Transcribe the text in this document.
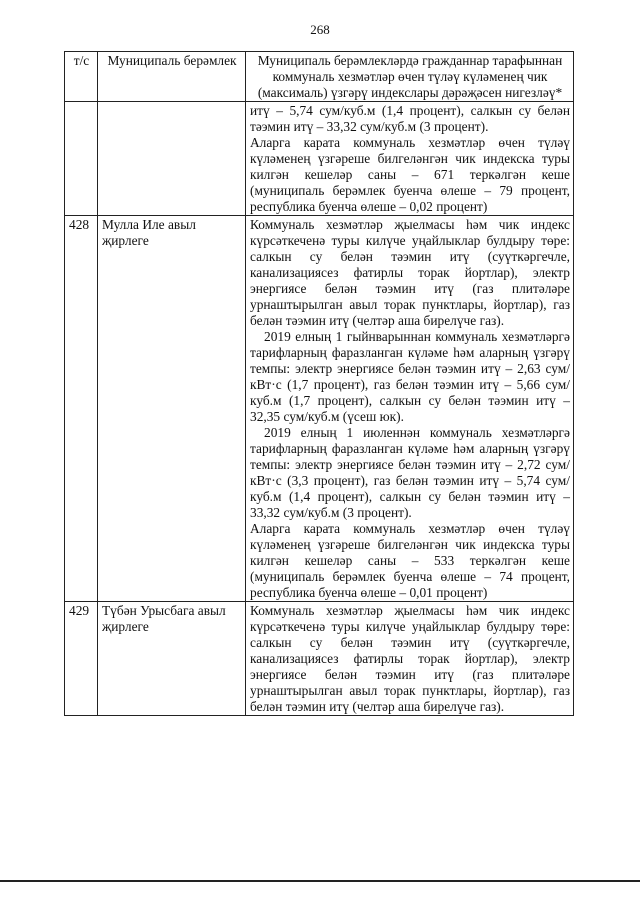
268
т/с	Муниципаль берәмлек	Муниципаль берәмлекләрдә гражданнар тарафыннан коммуналь хезмәтләр өчен түләү күләменең чик (максималь) үзгәрү индекслары дәрәҗәсен нигезләү*

		итү – 5,74 сум/куб.м (1,4 процент), салкын су белән тәэмин итү – 33,32 сум/куб.м (3 процент).

Аларга карата коммуналь хезмәтләр өчен түләү күләменең үзгәреше билгеләнгән чик индекска туры килгән кешеләр саны – 671 теркәлгән кеше (муниципаль берәмлек буенча өлеше – 79 процент, республика буенча өлеше – 0,02 процент)

428	Мулла Иле авыл җирлеге	Коммуналь хезмәтләр җыелмасы һәм чик индекс күрсәткеченә туры килүче уңайлыклар булдыру төре: салкын су белән тәэмин итү (суүткәргечле, канализациясез фатирлы торак йортлар), электр энергиясе белән тәэмин итү (газ плитәләре урнаштырылган авыл торак пунктлары, йортлар), газ белән тәэмин итү (челтәр аша бирелүче газ).

2019 елның 1 гыйнварыннан коммуналь хезмәтләргә тарифларның фаразланган күләме һәм аларның үзгәрү темпы: электр энергиясе белән тәэмин итү – 2,63 сум/кВт·с (1,7 процент), газ белән тәэмин итү – 5,66 сум/куб.м (1,7 процент), салкын су белән тәэмин итү – 32,35 сум/куб.м (үсеш юк).

2019 елның 1 июленнән коммуналь хезмәтләргә тарифларның фаразланган күләме һәм аларның үзгәрү темпы: электр энергиясе белән тәэмин итү – 2,72 сум/кВт·с (3,3 процент), газ белән тәэмин итү – 5,74 сум/куб.м (1,4 процент), салкын су белән тәэмин итү – 33,32 сум/куб.м (3 процент).

Аларга карата коммуналь хезмәтләр өчен түләү күләменең үзгәреше билгеләнгән чик индекска туры килгән кешеләр саны – 533 теркәлгән кеше (муниципаль берәмлек буенча өлеше – 74 процент, республика буенча өлеше – 0,01 процент)

429	Түбән Урысбага авыл җирлеге	Коммуналь хезмәтләр җыелмасы һәм чик индекс күрсәткеченә туры килүче уңайлыклар булдыру төре: салкын су белән тәэмин итү (суүткәргечле, канализациясез фатирлы торак йортлар), электр энергиясе белән тәэмин итү (газ плитәләре урнаштырылган авыл торак пунктлары, йортлар), газ белән тәэмин итү (челтәр аша бирелүче газ).
